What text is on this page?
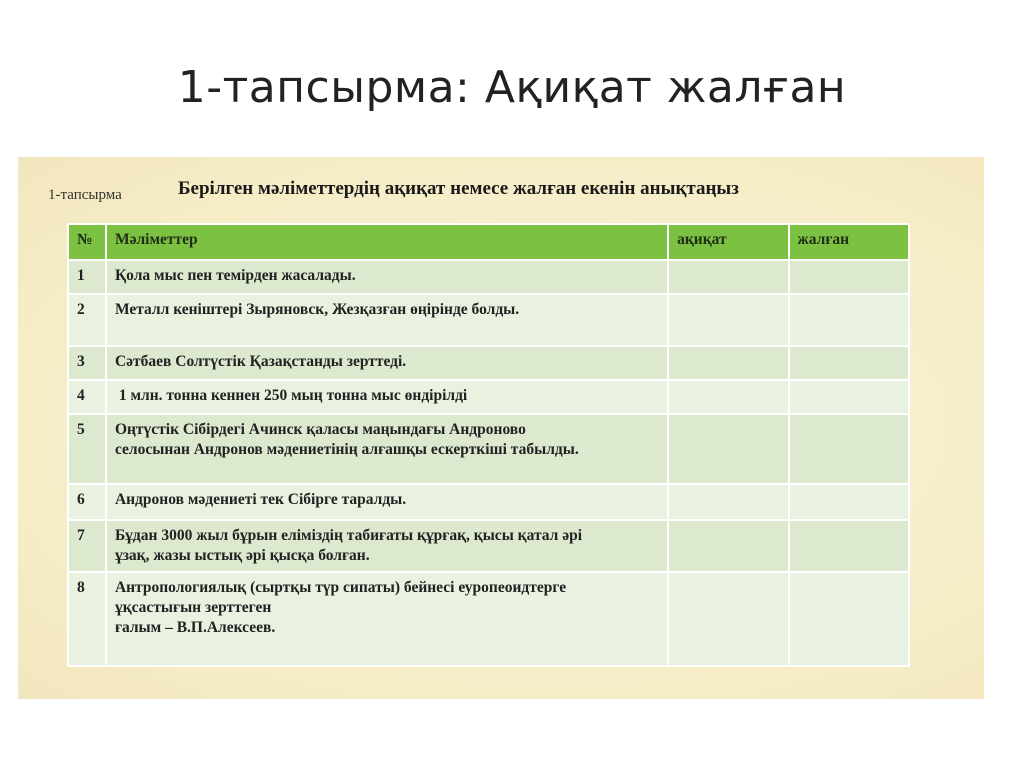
1-тапсырма: Ақиқат жалған
1-тапсырма	Берілген мәліметтердің ақиқат немесе жалған екенін анықтаңыз
№	Мәліметтер	ақиқат	жалған
1	Қола мыс пен темірден жасалады.		

2	Металл кеніштері Зыряновск, Жезқазған өңірінде болды.		

3	Сәтбаев Солтүстік Қазақстанды зерттеді.		

4	1 млн. тонна кеннен 250 мың тонна мыс өндірілді		

5	Оңтүстік Сібірдегі Ачинск қаласы маңындағы Андроново
селосынан Андронов мәдениетінің алғашқы ескерткіші табылды.		

6	Андронов мәдениеті тек Сібірге таралды.		

7	Бұдан 3000 жыл бұрын еліміздің табиғаты құрғақ, қысы қатал әрі
ұзақ, жазы ыстық әрі қысқа болған.		

8	Антропологиялық (сыртқы түр сипаты) бейнесі еуропеоидтерге
ұқсастығын зерттеген
ғалым – В.П.Алексеев.		
